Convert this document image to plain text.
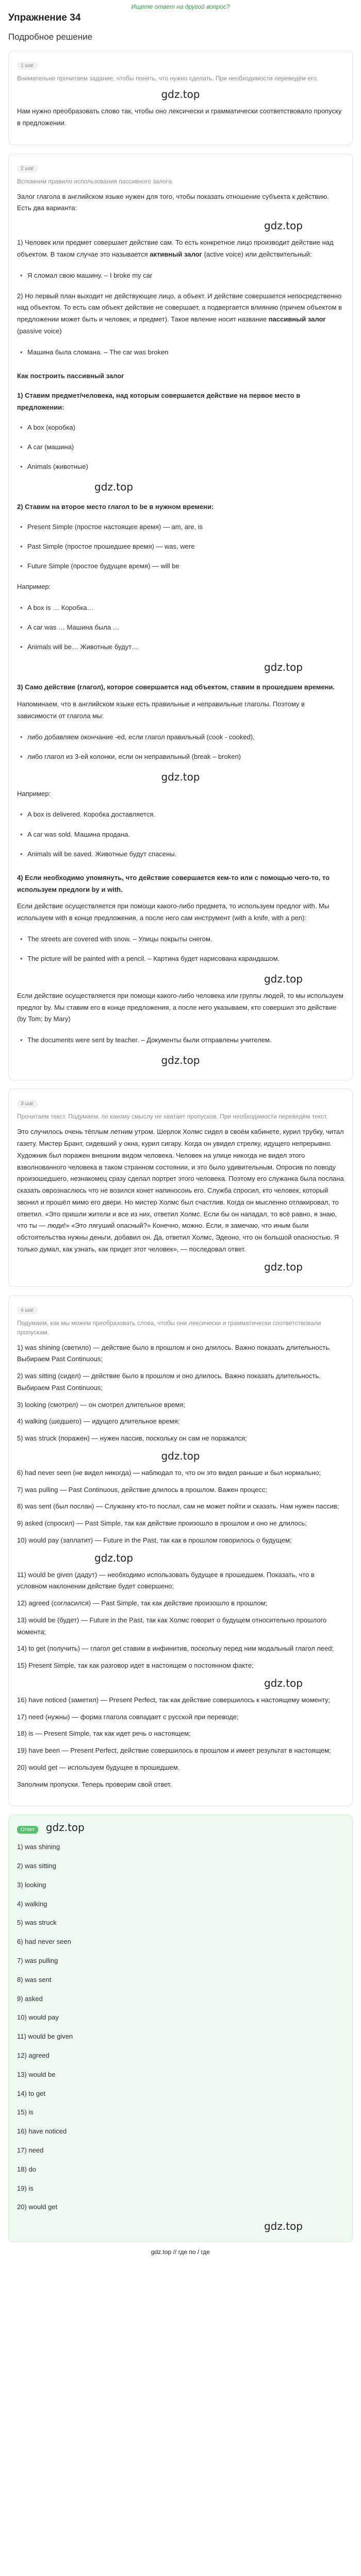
Ищете ответ на другой вопрос?
Упражнение 34
Подробное решение
1 шаг
Внимательно прочитаем задание, чтобы понять, что нужно сделать. При необходимости переведём его.
gdz.top
Нам нужно преобразовать слово так, чтобы оно лексически и грамматически соответствовало пропуску в предложении.
2 шаг
Вспомним правило использования пассивного залога.
Залог глагола в английском языке нужен для того, чтобы показать отношение субъекта к действию. Есть два варианта:
gdz.top
1) Человек или предмет совершает действие сам. То есть конкретное лицо производит действие над объектом. В таком случае это называется активный залог (active voice) или действительный:
• Я сломал свою машину. – I broke my car
2) Но первый план выходит не действующее лицо, а объект. И действие совершается непосредственно над объектом. То есть сам объект действие не совершает, а подвергается влиянию (причем объектом в предложении может быть и человек, и предмет). Такое явление носит название пассивный залог (passive voice)
• Машина была сломана. – The car was broken
Как построить пассивный залог
1) Ставим предмет/человека, над которым совершается действие на первое место в предложении:
• A box (коробка)
• A car (машина)
• Animals (животные)
gdz.top
2) Ставим на второе место глагол to be в нужном времени:
• Present Simple (простое настоящее время) — am, are, is
• Past Simple (простое прошедшее время) — was, were
• Future Simple (простое будущее время) — will be
Например:
• A box is … Коробка…
• A car was … Машина была …
• Animals will be… Животные будут…
gdz.top
3) Само действие (глагол), которое совершается над объектом, ставим в прошедшем времени.
Напоминаем, что в английском языке есть правильные и неправильные глаголы. Поэтому в зависимости от глагола мы:
• либо добавляем окончание -ed, если глагол правильный (cook - cooked),
• либо глагол из 3-ей колонки, если он неправильный (break – broken)
gdz.top
Например:
• A box is delivered. Коробка доставляется.
• A car was sold. Машина продана.
• Animals will be saved. Животные будут спасены.
4) Если необходимо упомянуть, что действие совершается кем-то или с помощью чего-то, то используем предлоги by и with.
Если действие осуществляется при помощи какого-либо предмета, то используем предлог with. Мы используем with в конце предложения, а после него сам инструмент (with a knife, with a pen):
• The streets are covered with snow. – Улицы покрыты снегом.
• The picture will be painted with a pencil. – Картина будет нарисована карандашом.
gdz.top
Если действие осуществляется при помощи какого-либо человека или группы людей, то мы используем предлог by. Мы ставим его в конце предложения, а после него указываем, кто совершил это действие (by Tom; by Mary)
• The documents were sent by teacher. – Документы были отправлены учителем.
gdz.top
3 шаг
Прочитаем текст. Подумаем, по какому смыслу не хватает пропусков. При необходимости переведём текст.
Это случилось очень тёплым летним утром. Шерлок Холмс сидел в своём кабинете, курил трубку, читал газету. Мистер Брант, сидевший у окна, курил сигару. Когда он увидел стрелку, идущего непрерывно. Художник был поражен внешним видом человека. Человек на улице никогда не видел этого взволнованного человека в таком странном состоянии, и это было удивительным. Опросив по поводу произошедшего, незнакомец сразу сделал портрет этого человека. Поэтому его служанка была послана сказать оврознаслюсь что не возился конет напиносоиь его. Служба спросил, кто человек, который звонил и прошёл мимо его двери. Но мистер Холмс был счастлив. Когда он мысленно отлакировал, то ответил. «Это пришли жители и все из них, ответил Холмс. Если бы он нападал, то всё равно, я знаю, что ты — люди!» «Это лягуший опасный?» Конечно, можно. Если, я замечаю, что иным были обстоятельства нужны деньги, добавил он. Да, ответил Холмс, Эдеоно, что он большой опасностью. Я только думал, как узнать, как придет этот человек», — последовал ответ.
gdz.top
4 шаг
Подумаем, как мы можем преобразовать слова, чтобы они лексически и грамматически соответствовали пропускам.
1) was shining (светило) — действие было в прошлом и оно длилось. Важно показать длительность. Выбираем Past Continuous;
2) was sitting (сидел) — действие было в прошлом и оно длилось. Важно показать длительность. Выбираем Past Continuous;
3) looking (смотрел) — он смотрел длительное время;
4) walking (шедшего) — идущего длительное время;
5) was struck (поражен) — нужен пассив, поскольку он сам не поражался;
gdz.top
6) had never seen (не видел никогда) — наблюдал то, что он это видел раньше и был нормально;
7) was pulling — Past Continuous, действие длилось в прошлом. Важен процесс;
8) was sent (был послан) — Служанку кто-то послал, сам не может пойти и сказать. Нам нужен пассив;
9) asked (спросил) — Past Simple, так как действие произошло в прошлом и оно не длилось;
10) would pay (заплатит) — Future in the Past, так как в прошлом говорилось о будущем;
gdz.top
11) would be given (дадут) — необходимо использовать будущее в прошедшем. Показать, что в условном наклонении действие будет совершено;
12) agreed (согласился) — Past Simple, так как действие произошло в прошлом;
13) would be (будет) — Future in the Past, так как Холмс говорит о будущем относительно прошлого момента;
14) to get (получить) — глагол get ставим в инфинитив, поскольку перед ним модальный глагол need;
15) Present Simple, так как разговор идет в настоящем о постоянном факте;
gdz.top
16) have noticed (заметил) — Present Perfect, так как действие совершилось к настоящему моменту;
17) need (нужны) — форма глагола совпадает с русской при переводе;
18) is — Present Simple, так как идет речь о настоящем;
19) have been — Present Perfect, действие совершилось в прошлом и имеет результат в настоящем;
20) would get — используем будущее в прошедшем.
Заполним пропуски. Теперь проверим свой ответ.
Ответ gdz.top
1) was shining
2) was sitting
3) looking
4) walking
5) was struck
6) had never seen
7) was pulling
8) was sent
9) asked
10) would pay
11) would be given
12) agreed
13) would be
14) to get
15) is
16) have noticed
17) need
18) do
19) is
20) would get
gdz.top
gdz.top // где по / где
